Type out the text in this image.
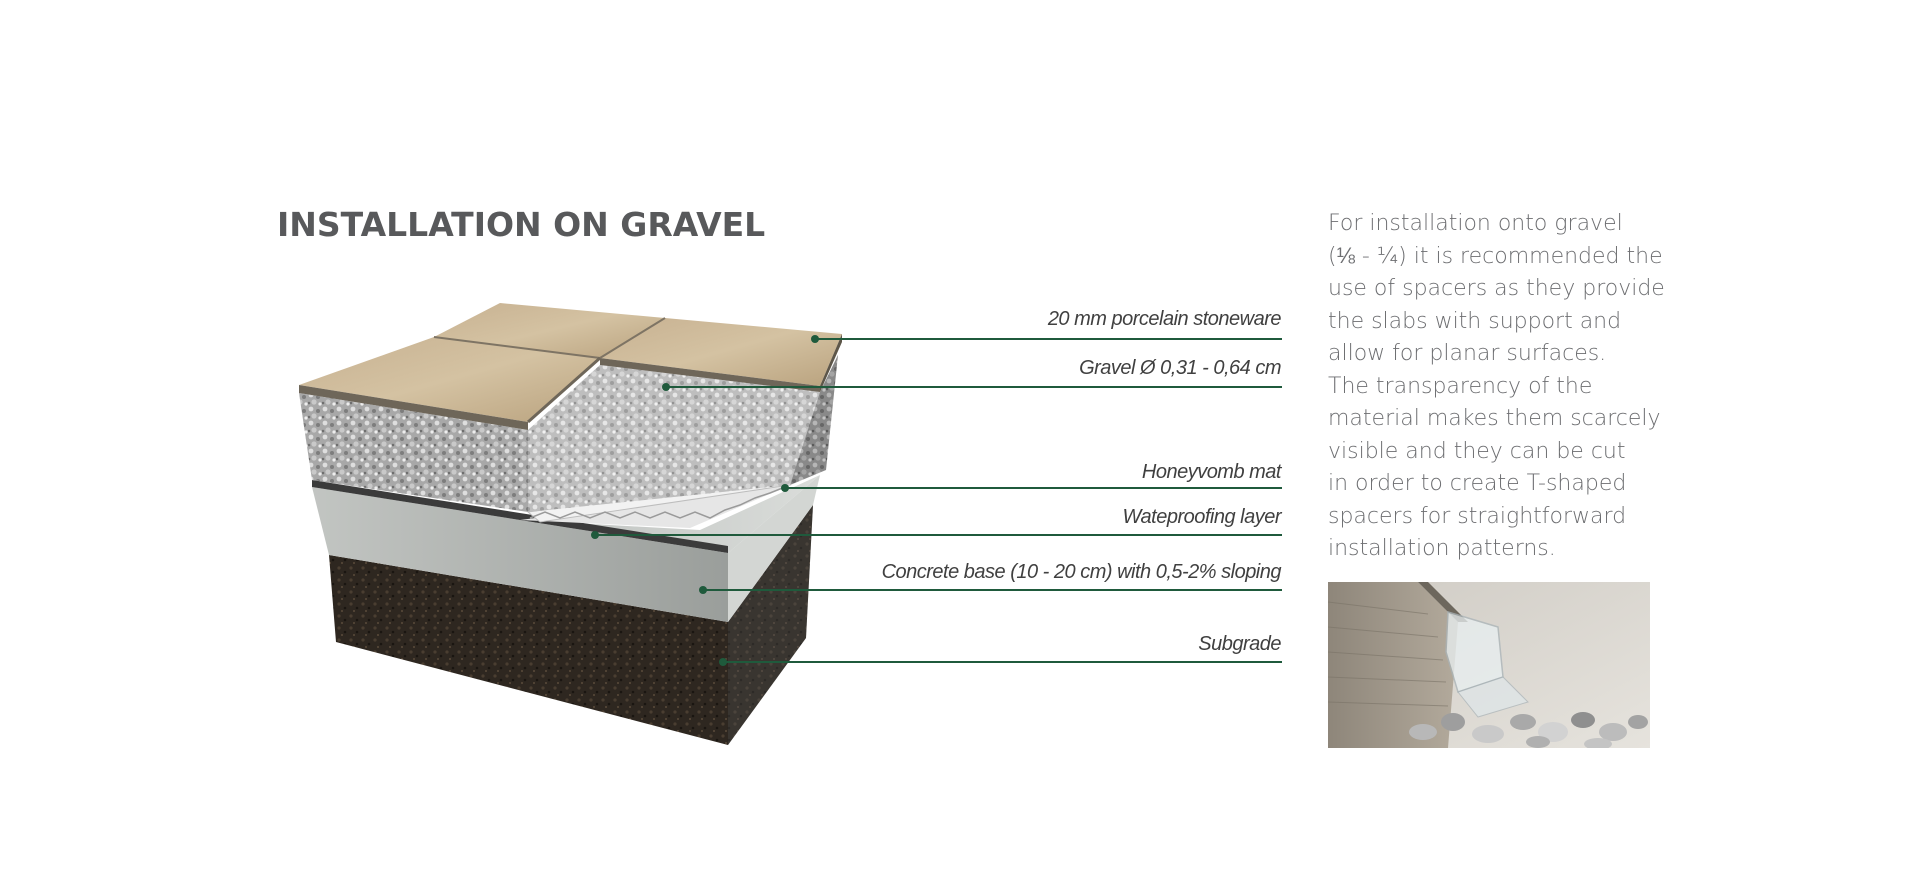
INSTALLATION ON GRAVEL
20 mm porcelain stoneware
Gravel Ø 0,31 - 0,64 cm
Honeyvomb mat
Wateproofing layer
Concrete base (10 - 20 cm) with 0,5-2% sloping
Subgrade

For installation onto gravel
(⅛ - ¼) it is recommended the
use of spacers as they provide
the slabs with support and
allow for planar surfaces.
The transparency of the
material makes them scarcely
visible and they can be cut
in order to create T-shaped
spacers for straightforward
installation patterns.
